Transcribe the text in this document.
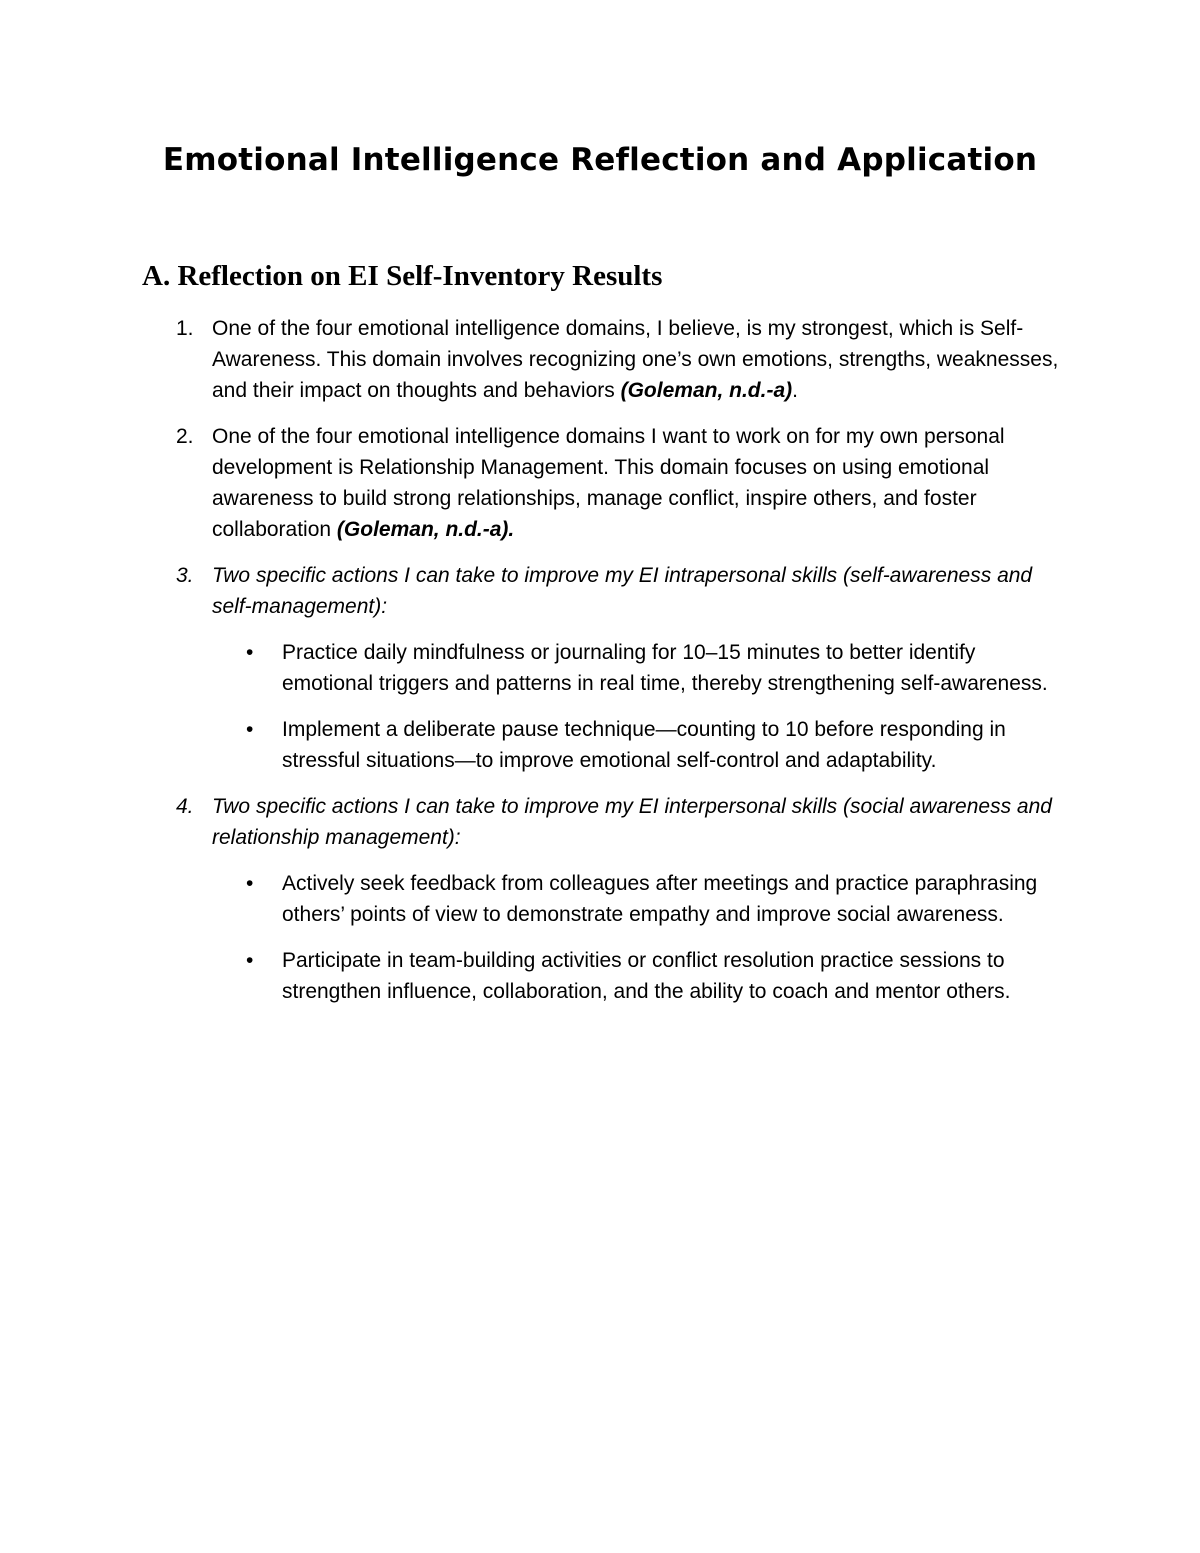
Emotional Intelligence Reflection and Application
A. Reflection on EI Self-Inventory Results
1. One of the four emotional intelligence domains, I believe, is my strongest, which is Self-Awareness. This domain involves recognizing one’s own emotions, strengths, weaknesses, and their impact on thoughts and behaviors (Goleman, n.d.-a).
2. One of the four emotional intelligence domains I want to work on for my own personal development is Relationship Management. This domain focuses on using emotional awareness to build strong relationships, manage conflict, inspire others, and foster collaboration (Goleman, n.d.-a).
3. Two specific actions I can take to improve my EI intrapersonal skills (self-awareness and self-management):
• Practice daily mindfulness or journaling for 10–15 minutes to better identify emotional triggers and patterns in real time, thereby strengthening self-awareness.
• Implement a deliberate pause technique—counting to 10 before responding in stressful situations—to improve emotional self-control and adaptability.
4. Two specific actions I can take to improve my EI interpersonal skills (social awareness and relationship management):
• Actively seek feedback from colleagues after meetings and practice paraphrasing others’ points of view to demonstrate empathy and improve social awareness.
• Participate in team-building activities or conflict resolution practice sessions to strengthen influence, collaboration, and the ability to coach and mentor others.
